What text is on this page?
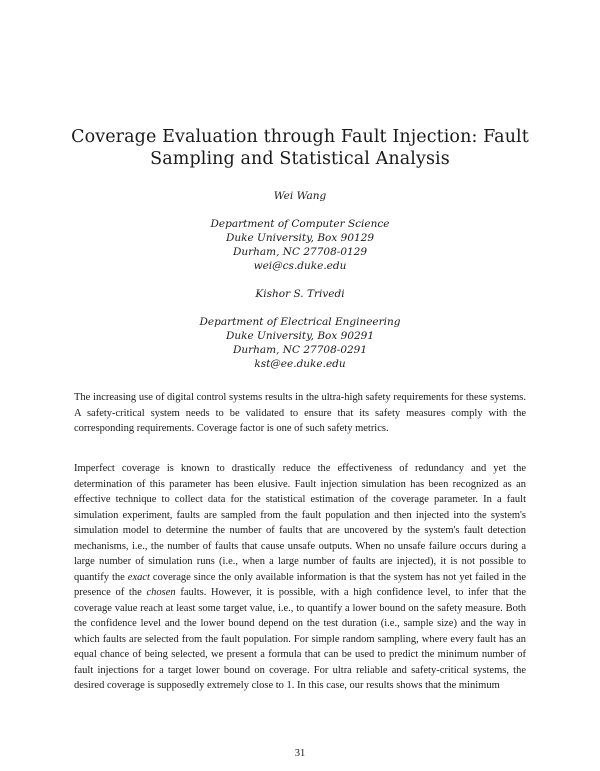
Coverage Evaluation through Fault Injection: Fault
Sampling and Statistical Analysis

Wei Wang

Department of Computer Science

Duke University, Box 90129

Durham, NC 27708-0129

wei@cs.duke.edu

Kishor S. Trivedi

Department of Electrical Engineering

Duke University, Box 90291

Durham, NC 27708-0291

kst@ee.duke.edu

The increasing use of digital control systems results in the ultra-high safety requirements for these systems. A safety-critical system needs to be validated to ensure that its safety measures comply with the corresponding requirements. Coverage factor is one of such safety metrics.

Imperfect coverage is known to drastically reduce the effectiveness of redundancy and yet the determination of this parameter has been elusive. Fault injection simulation has been recognized as an effective technique to collect data for the statistical estimation of the coverage parameter. In a fault simulation experiment, faults are sampled from the fault population and then injected into the system's simulation model to determine the number of faults that are uncovered by the system's fault detection mechanisms, i.e., the number of faults that cause unsafe outputs. When no unsafe failure occurs during a large number of simulation runs (i.e., when a large number of faults are injected), it is not possible to quantify the exact coverage since the only available information is that the system has not yet failed in the presence of the chosen faults. However, it is possible, with a high confidence level, to infer that the coverage value reach at least some target value, i.e., to quantify a lower bound on the safety measure. Both the confidence level and the lower bound depend on the test duration (i.e., sample size) and the way in which faults are selected from the fault population. For simple random sampling, where every fault has an equal chance of being selected, we present a formula that can be used to predict the minimum number of fault injections for a target lower bound on coverage. For ultra reliable and safety-critical systems, the desired coverage is supposedly extremely close to 1. In this case, our results shows that the minimum

31
